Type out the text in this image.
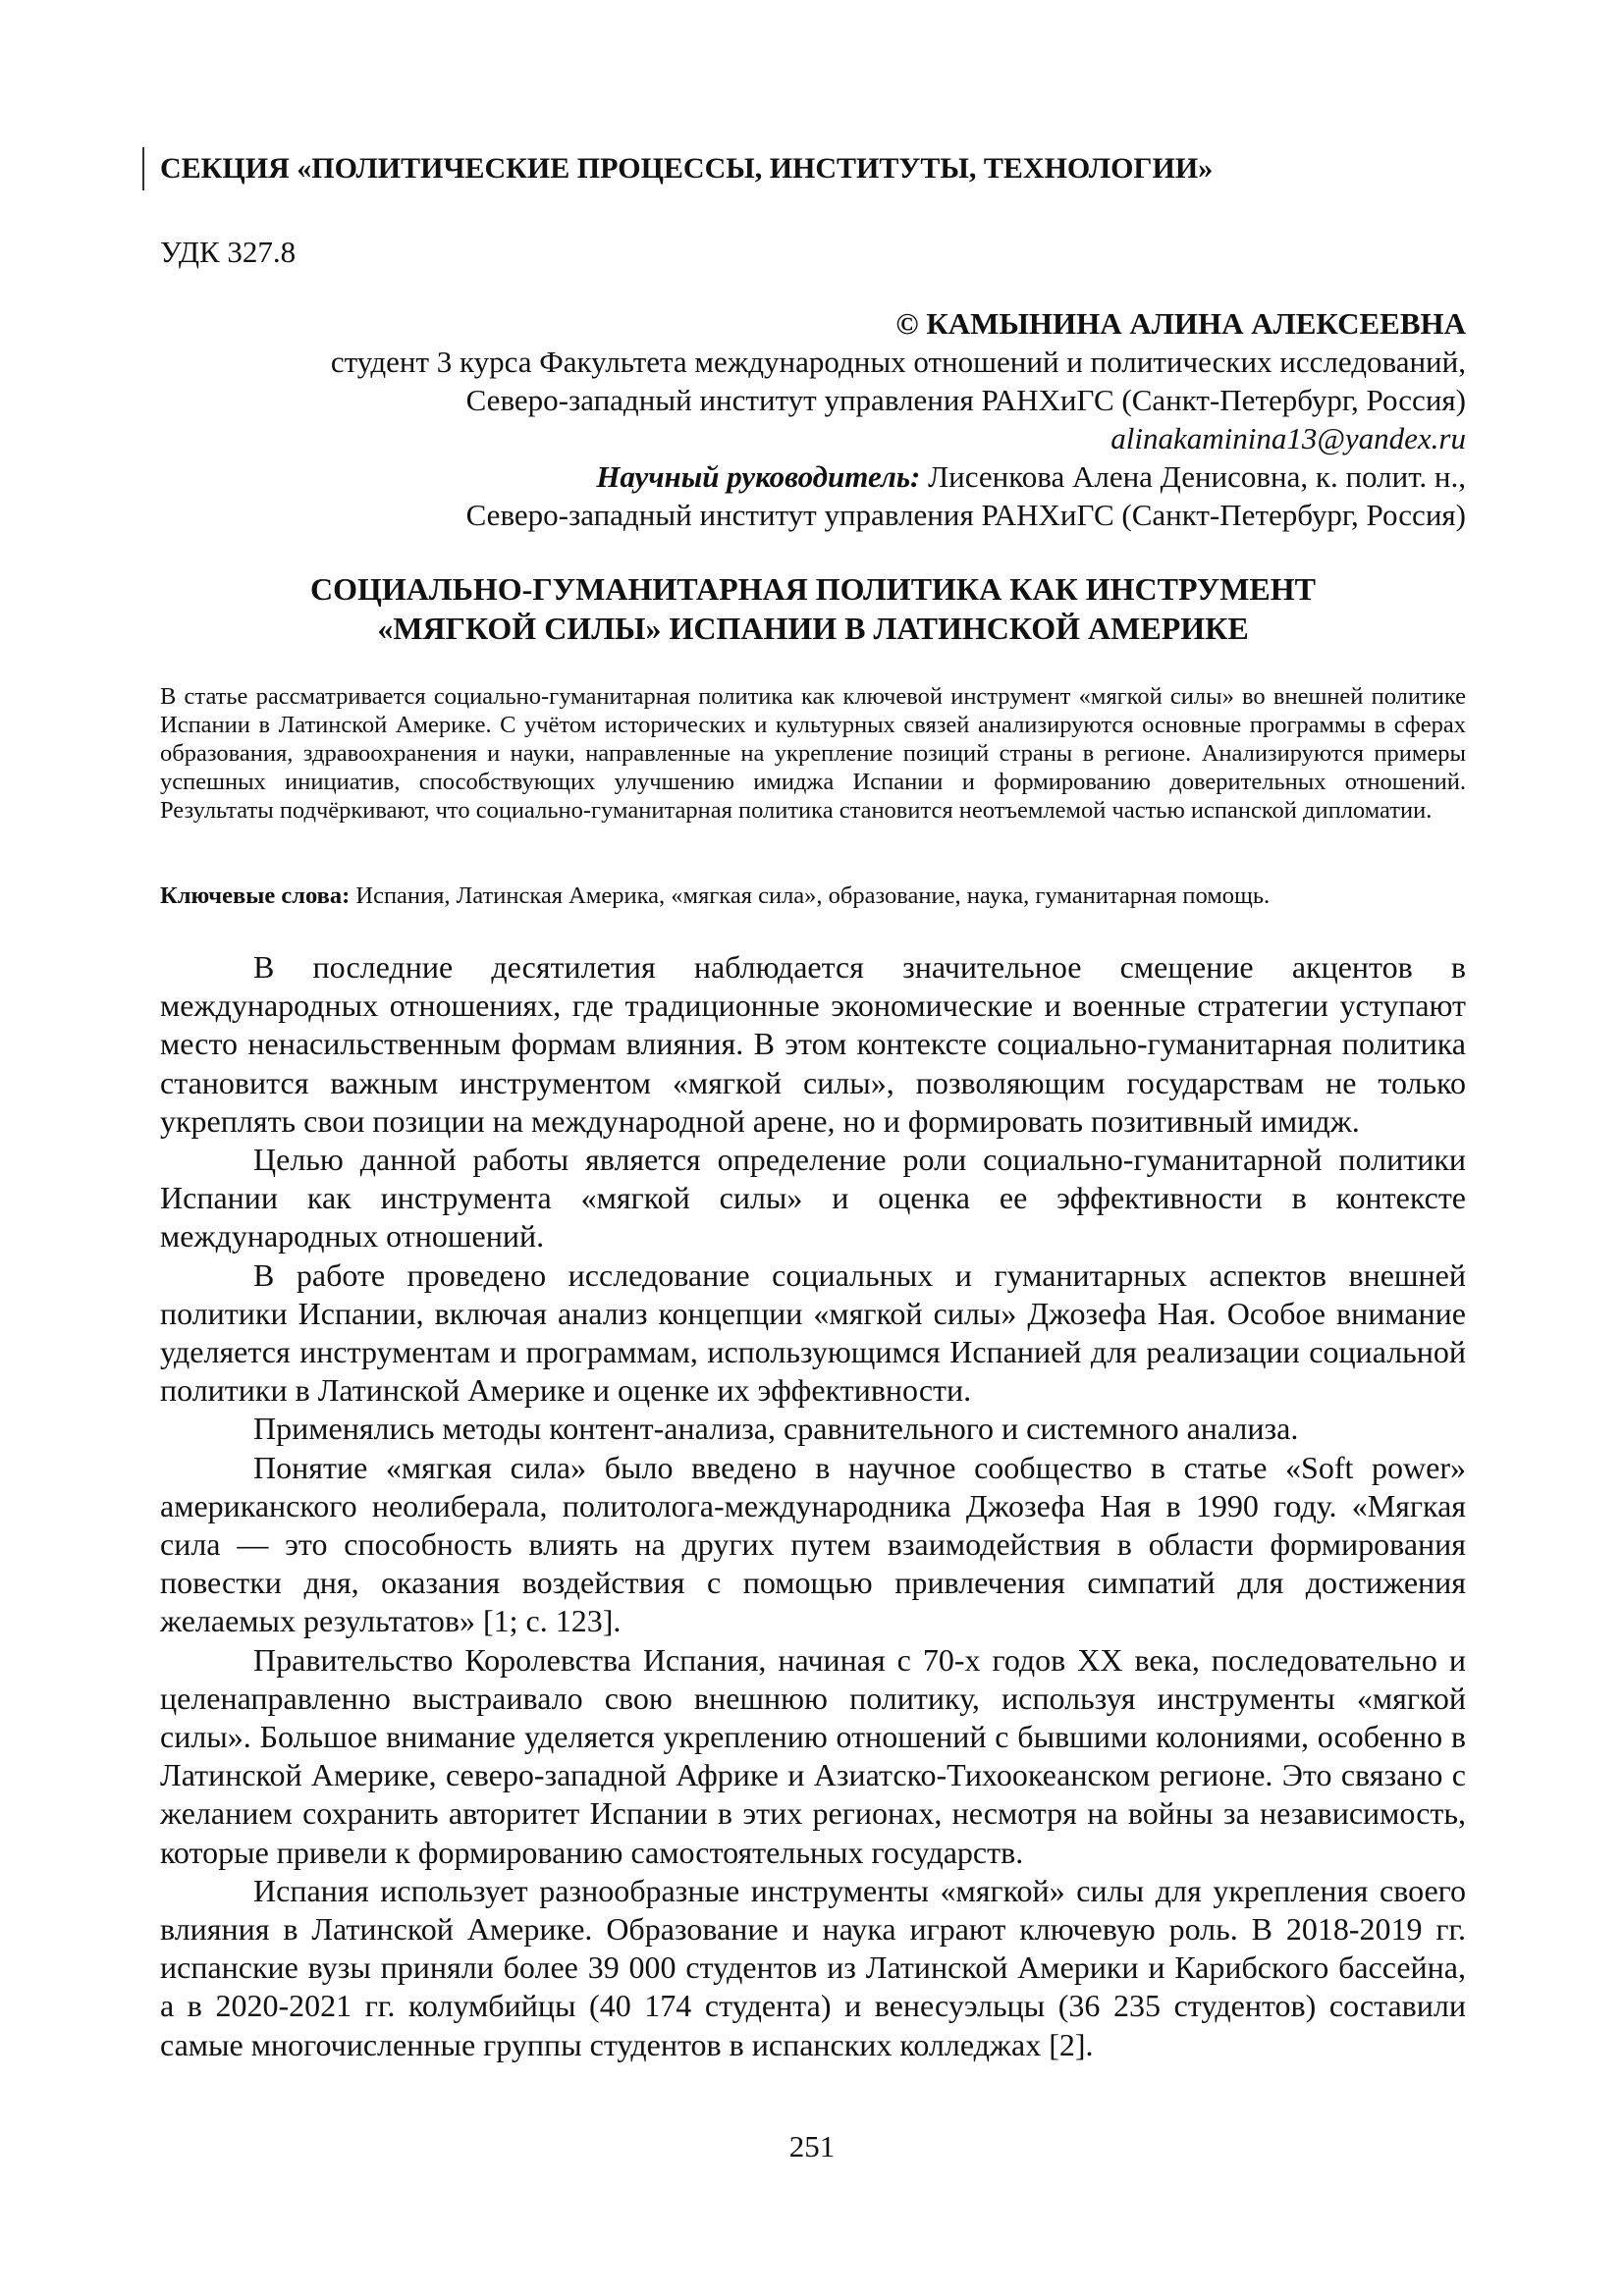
СЕКЦИЯ «ПОЛИТИЧЕСКИЕ ПРОЦЕССЫ, ИНСТИТУТЫ, ТЕХНОЛОГИИ»
УДК 327.8
© КАМЫНИНА АЛИНА АЛЕКСЕЕВНА
студент 3 курса Факультета международных отношений и политических исследований,
Северо-западный институт управления РАНХиГС (Санкт-Петербург, Россия)
alinakaminina13@yandex.ru
Научный руководитель: Лисенкова Алена Денисовна, к. полит. н.,
Северо-западный институт управления РАНХиГС (Санкт-Петербург, Россия)
СОЦИАЛЬНО-ГУМАНИТАРНАЯ ПОЛИТИКА КАК ИНСТРУМЕНТ
«МЯГКОЙ СИЛЫ» ИСПАНИИ В ЛАТИНСКОЙ АМЕРИКЕ
В статье рассматривается социально-гуманитарная политика как ключевой инструмент «мягкой силы» во внешней политике Испании в Латинской Америке. С учётом исторических и культурных связей анализируются основные программы в сферах образования, здравоохранения и науки, направленные на укрепление позиций страны в регионе. Анализируются примеры успешных инициатив, способствующих улучшению имиджа Испании и формированию доверительных отношений. Результаты подчёркивают, что социально-гуманитарная политика становится неотъемлемой частью испанской дипломатии.
Ключевые слова: Испания, Латинская Америка, «мягкая сила», образование, наука, гуманитарная помощь.

В последние десятилетия наблюдается значительное смещение акцентов в международных отношениях, где традиционные экономические и военные стратегии уступают место ненасильственным формам влияния. В этом контексте социально-гуманитарная политика становится важным инструментом «мягкой силы», позволяющим государствам не только укреплять свои позиции на международной арене, но и формировать позитивный имидж.

Целью данной работы является определение роли социально-гуманитарной политики Испании как инструмента «мягкой силы» и оценка ее эффективности в контексте международных отношений.

В работе проведено исследование социальных и гуманитарных аспектов внешней политики Испании, включая анализ концепции «мягкой силы» Джозефа Ная. Особое внимание уделяется инструментам и программам, использующимся Испанией для реализации социальной политики в Латинской Америке и оценке их эффективности.

Применялись методы контент-анализа, сравнительного и системного анализа.

Понятие «мягкая сила» было введено в научное сообщество в статье «Soft power» американского неолиберала, политолога-международника Джозефа Ная в 1990 году. «Мягкая сила — это способность влиять на других путем взаимодействия в области формирования повестки дня, оказания воздействия с помощью привлечения симпатий для достижения желаемых результатов» [1; с. 123].

Правительство Королевства Испания, начиная с 70-х годов XX века, последовательно и целенаправленно выстраивало свою внешнюю политику, используя инструменты «мягкой силы». Большое внимание уделяется укреплению отношений с бывшими колониями, особенно в Латинской Америке, северо-западной Африке и Азиатско-Тихоокеанском регионе. Это связано с желанием сохранить авторитет Испании в этих регионах, несмотря на войны за независимость, которые привели к формированию самостоятельных государств.

Испания использует разнообразные инструменты «мягкой» силы для укрепления своего влияния в Латинской Америке. Образование и наука играют ключевую роль. В 2018-2019 гг. испанские вузы приняли более 39 000 студентов из Латинской Америки и Карибского бассейна, а в 2020-2021 гг. колумбийцы (40 174 студента) и венесуэльцы (36 235 студентов) составили самые многочисленные группы студентов в испанских колледжах [2].

251
